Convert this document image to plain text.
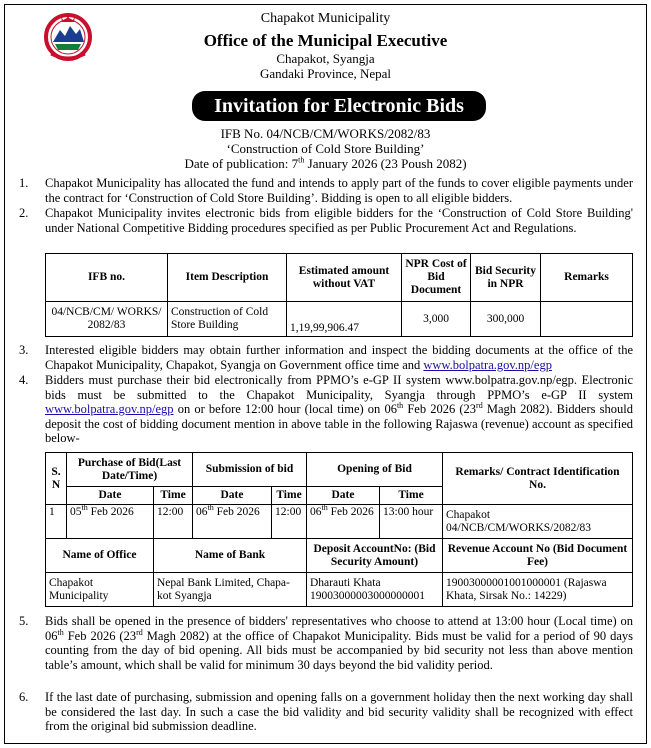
Chapakot Municipality
Office of the Municipal Executive
Chapakot, Syangja
Gandaki Province, Nepal
Invitation for Electronic Bids
IFB No. 04/NCB/CM/WORKS/2082/83
‘Construction of Cold Store Building’
Date of publication: 7th January 2026 (23 Poush 2082)
1. Chapakot Municipality has allocated the fund and intends to apply part of the funds to cover eligible payments under the contract for ‘Construction of Cold Store Building’. Bidding is open to all eligible bidders.
2. Chapakot Municipality invites electronic bids from eligible bidders for the ‘Construction of Cold Store Building' under National Competitive Bidding procedures specified as per Public Procurement Act and Regulations.
IFB no.	Item Description	Estimated amount without VAT	NPR Cost of Bid Document	Bid Security in NPR	Remarks
04/NCB/CM/ WORKS/ 2082/83	Construction of Cold Store Building	1,19,99,906.47	3,000	300,000	
3. Interested eligible bidders may obtain further information and inspect the bidding documents at the office of the Chapakot Municipality, Chapakot, Syangja on Government office time and www.bolpatra.gov.np/egp
4. Bidders must purchase their bid electronically from PPMO’s e-GP II system www.bolpatra.gov.np/egp. Electronic bids must be submitted to the Chapakot Municipality, Syangja through PPMO’s e-GP II system www.bolpatra.gov.np/egp on or before 12:00 hour (local time) on 06th Feb 2026 (23rd Magh 2082). Bidders should deposit the cost of bidding document mention in above table in the following Rajaswa (revenue) account as specified below-
S. N	Purchase of Bid(Last Date/Time)		Submission of bid		Opening of Bid		Remarks/ Contract Identification No.
	Date	Time	Date	Time	Date	Time	
1	05th Feb 2026	12:00	06th Feb 2026	12:00	06th Feb 2026	13:00 hour	Chapakot 04/NCB/CM/WORKS/2082/83
Name of Office		Name of Bank			Deposit AccountNo: (Bid Security Amount)		Revenue Account No (Bid Document Fee)
Chapakot Municipality		Nepal Bank Limited, Chapa-kot Syangja			Dharauti Khata 19003000003000000001		19003000001001000001 (Rajaswa Khata, Sirsak No.: 14229)
5. Bids shall be opened in the presence of bidders' representatives who choose to attend at 13:00 hour (Local time) on 06th Feb 2026 (23rd Magh 2082) at the office of Chapakot Municipality. Bids must be valid for a period of 90 days counting from the day of bid opening. All bids must be accompanied by bid security not less than above mention table’s amount, which shall be valid for minimum 30 days beyond the bid validity period.
6. If the last date of purchasing, submission and opening falls on a government holiday then the next working day shall be considered the last day. In such a case the bid validity and bid security validity shall be recognized with effect from the original bid submission deadline.
